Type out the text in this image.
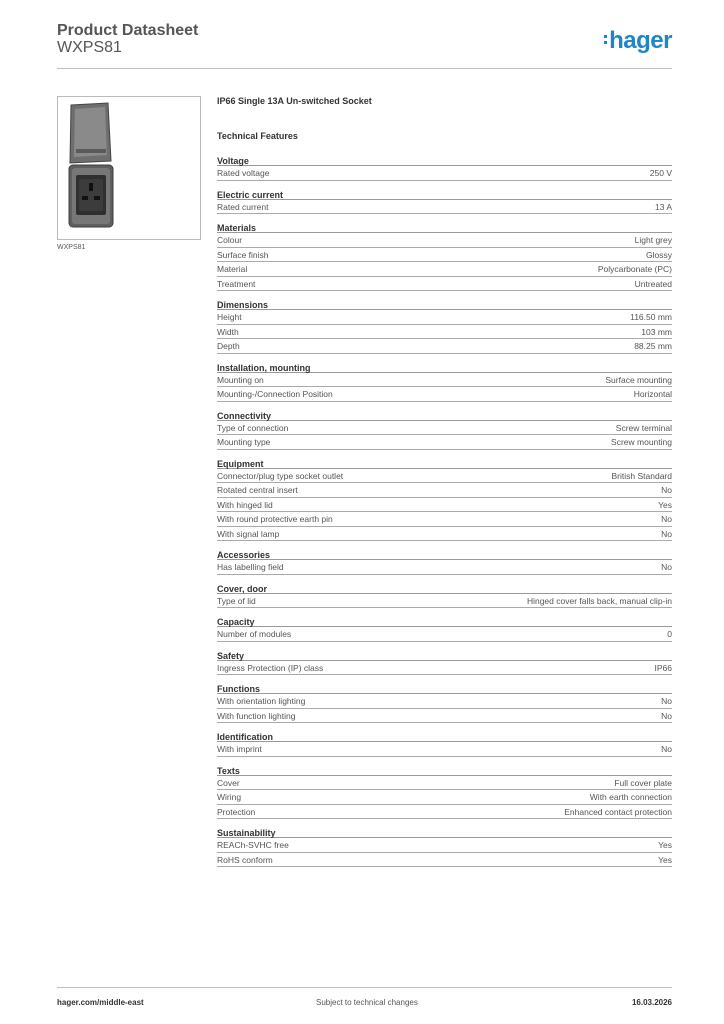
Product Datasheet
WXPS81	hager
WXPS81
IP66 Single 13A Un-switched Socket
Technical Features
Voltage
Rated voltage	250 V
Electric current
Rated current	13 A
Materials
Colour	Light grey
Surface finish	Glossy
Material	Polycarbonate (PC)
Treatment	Untreated
Dimensions
Height	116.50 mm
Width	103 mm
Depth	88.25 mm
Installation, mounting
Mounting on	Surface mounting
Mounting-/Connection Position	Horizontal
Connectivity
Type of connection	Screw terminal
Mounting type	Screw mounting
Equipment
Connector/plug type socket outlet	British Standard
Rotated central insert	No
With hinged lid	Yes
With round protective earth pin	No
With signal lamp	No
Accessories
Has labelling field	No
Cover, door
Type of lid	Hinged cover falls back, manual clip-in
Capacity
Number of modules	0
Safety
Ingress Protection (IP) class	IP66
Functions
With orientation lighting	No
With function lighting	No
Identification
With imprint	No
Texts
Cover	Full cover plate
Wiring	With earth connection
Protection	Enhanced contact protection
Sustainability
REACh-SVHC free	Yes
RoHS conform	Yes
hager.com/middle-east	Subject to technical changes	16.03.2026
